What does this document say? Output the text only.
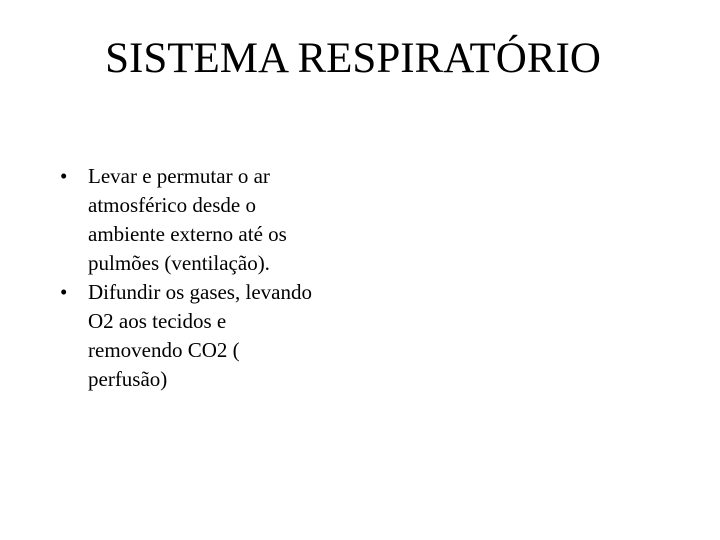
SISTEMA RESPIRATÓRIO
• Levar e permutar o ar atmosférico desde o ambiente externo até os pulmões (ventilação).
• Difundir os gases, levando O2 aos tecidos e removendo CO2 ( perfusão)
